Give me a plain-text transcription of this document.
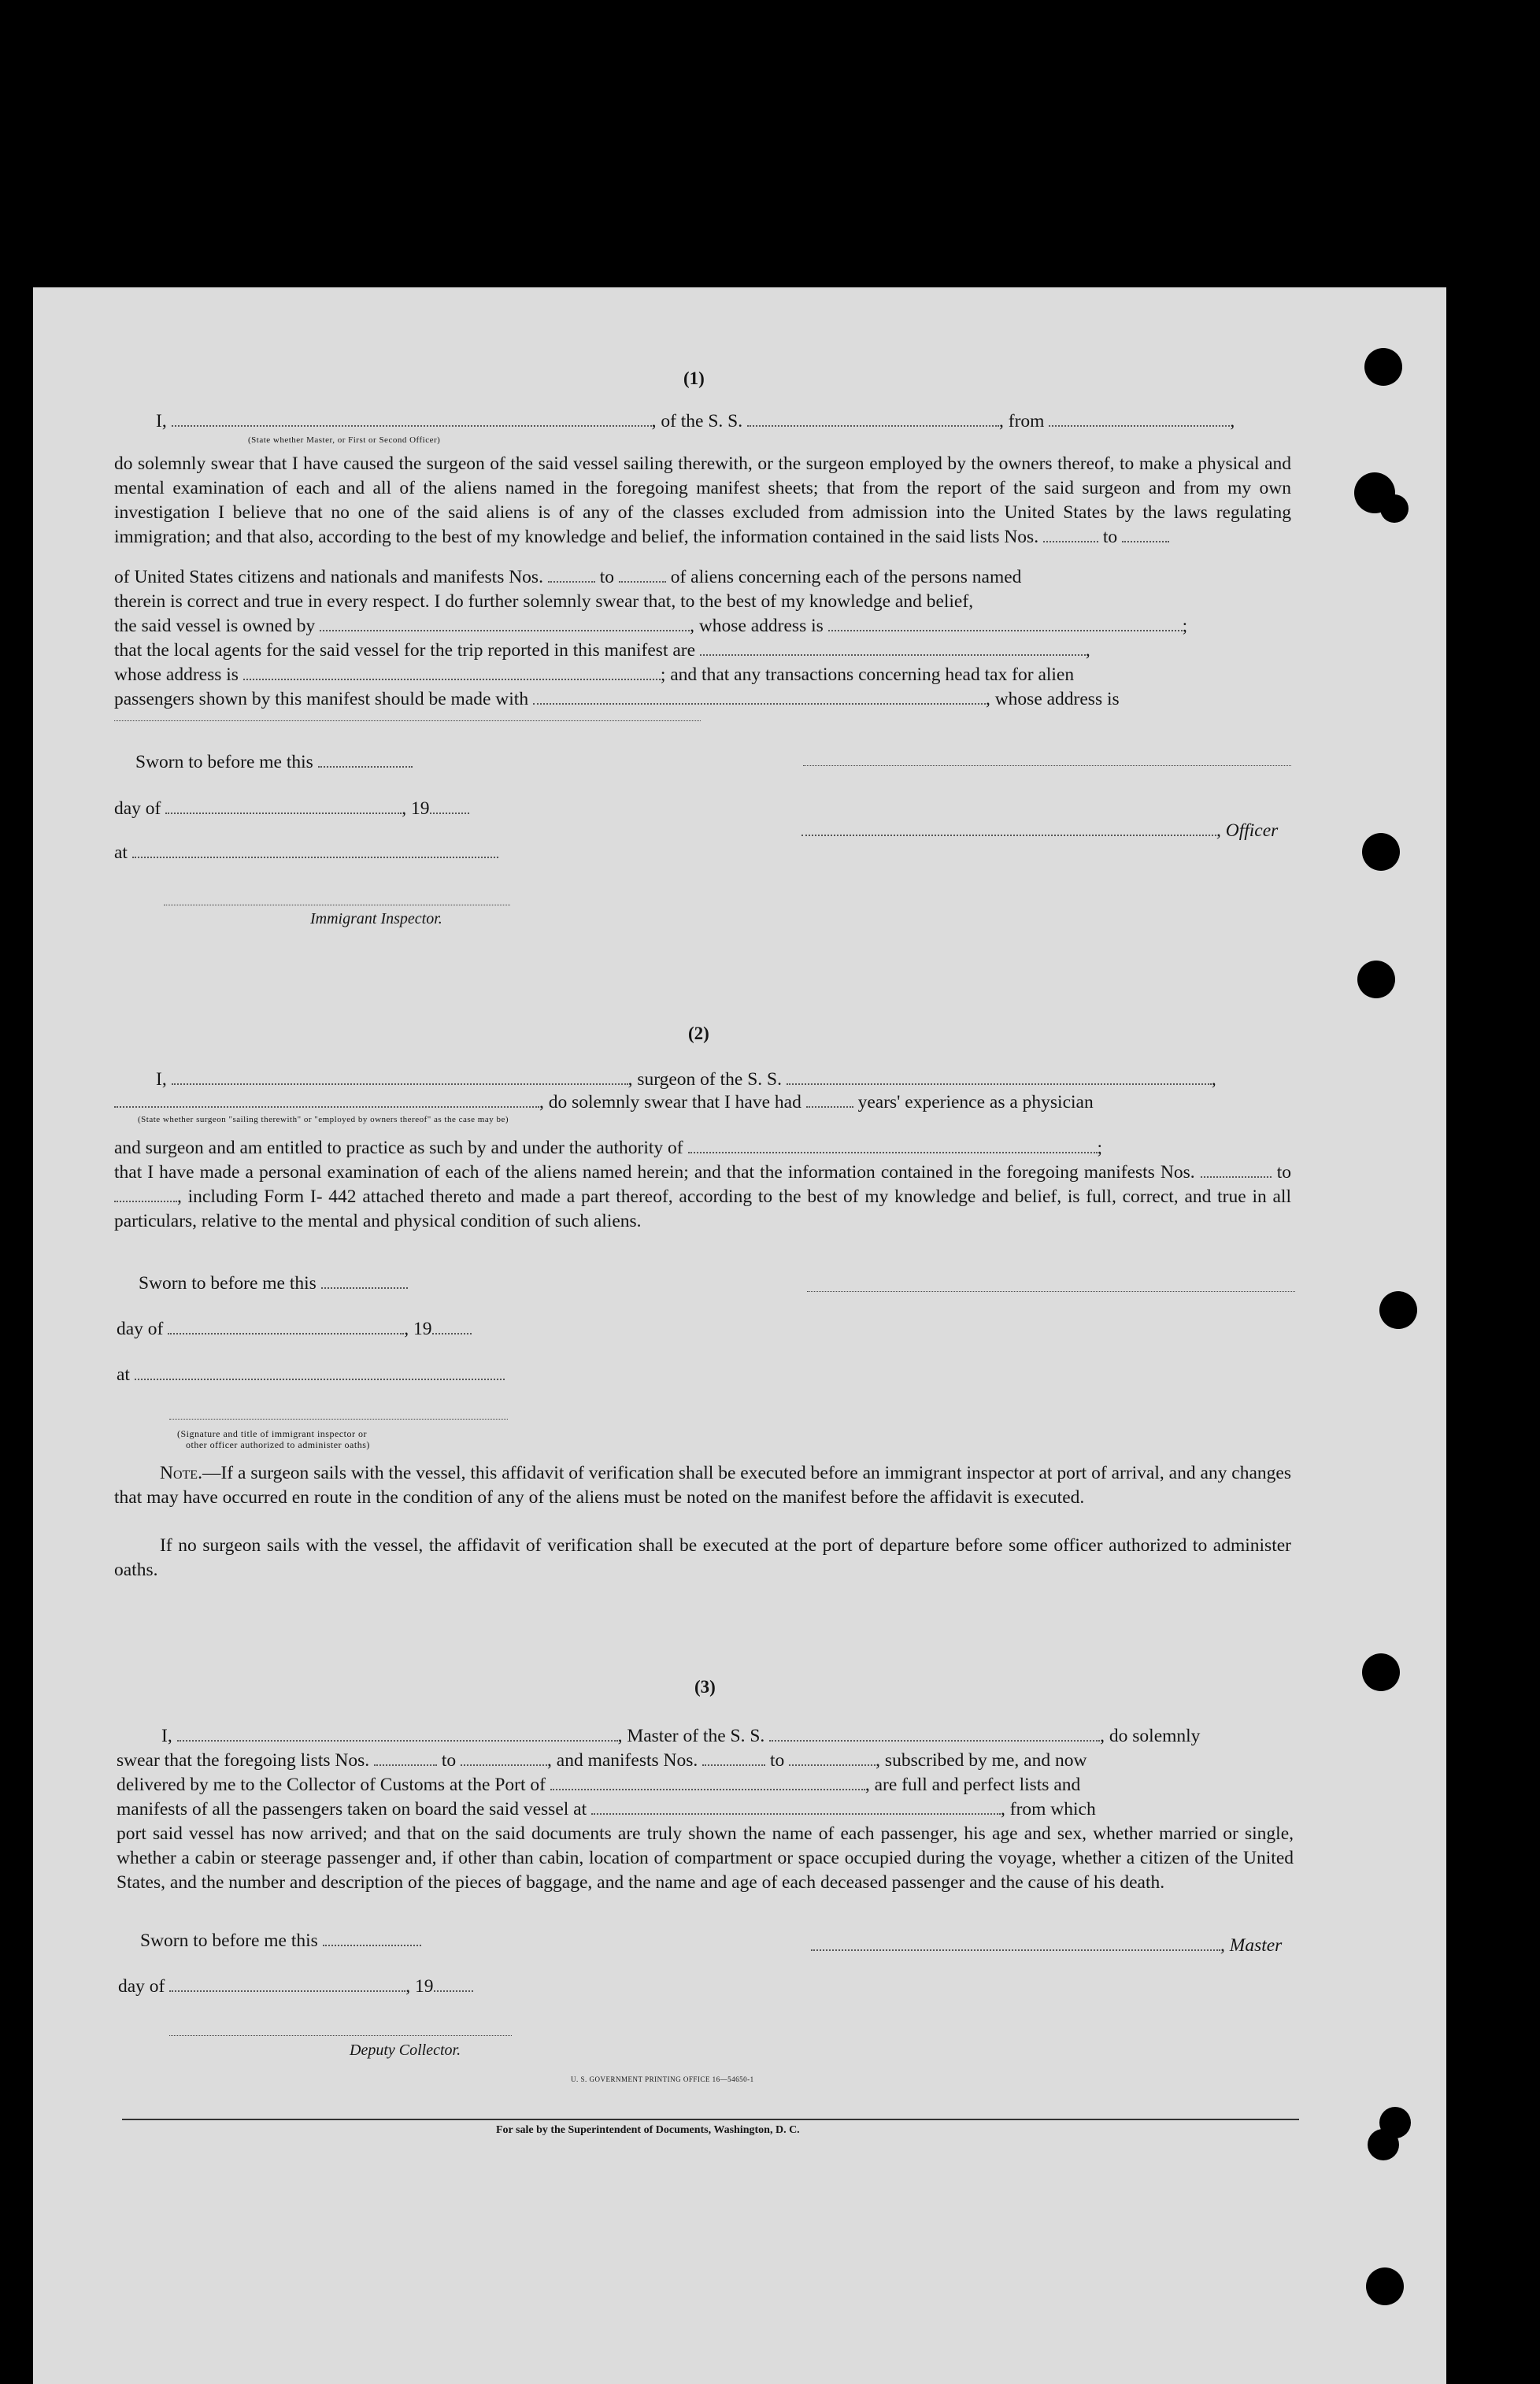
(1)

I,	, of the S. S.	, from	,

(State whether Master, or First or Second Officer)

do solemnly swear that I have caused the surgeon of the said vessel sailing therewith, or the surgeon employed by the owners thereof, to make a physical and mental examination of each and all of the aliens named in the foregoing manifest sheets; that from the report of the said surgeon and from my own investigation I believe that no one of the said aliens is of any of the classes excluded from admission into the United States by the laws regulating immigration; and that also, according to the best of my knowledge and belief, the information contained in the said lists Nos.	to

of United States citizens and nationals and manifests Nos.	to	of aliens concerning each of the persons named

therein is correct and true in every respect. I do further solemnly swear that, to the best of my knowledge and belief,

the said vessel is owned by	, whose address is	;

that the local agents for the said vessel for the trip reported in this manifest are	,

whose address is	; and that any transactions concerning head tax for alien

passengers shown by this manifest should be made with	, whose address is

Sworn to before me this

day of	, 19

, Officer

at

Immigrant Inspector.

(2)

I,	, surgeon of the S. S.	,

, do solemnly swear that I have had	years' experience as a physician

(State whether surgeon "sailing therewith" or "employed by owners thereof" as the case may be)

and surgeon and am entitled to practice as such by and under the authority of	;

that I have made a personal examination of each of the aliens named herein; and that the information contained in the foregoing manifests Nos.	to , including Form I- 442 attached thereto and made a part thereof, according to the best of my knowledge and belief, is full, correct, and true in all particulars, relative to the mental and physical condition of such aliens.

Sworn to before me this

day of	, 19

at

(Signature and title of immigrant inspector or

other officer authorized to administer oaths)

Note.—If a surgeon sails with the vessel, this affidavit of verification shall be executed before an immigrant inspector at port of arrival, and any changes that may have occurred en route in the condition of any of the aliens must be noted on the manifest before the affidavit is executed.

If no surgeon sails with the vessel, the affidavit of verification shall be executed at the port of departure before some officer authorized to administer oaths.

(3)

I,	, Master of the S. S.	, do solemnly

swear that the foregoing lists Nos.	to	, and manifests Nos.	to	, subscribed by me, and now

delivered by me to the Collector of Customs at the Port of	, are full and perfect lists and

manifests of all the passengers taken on board the said vessel at	, from which

port said vessel has now arrived; and that on the said documents are truly shown the name of each passenger, his age and sex, whether married or single, whether a cabin or steerage passenger and, if other than cabin, location of compartment or space occupied during the voyage, whether a citizen of the United States, and the number and description of the pieces of baggage, and the name and age of each deceased passenger and the cause of his death.

Sworn to before me this	, Master

day of	, 19

Deputy Collector.

U. S. GOVERNMENT PRINTING OFFICE 16—54650-1

For sale by the Superintendent of Documents, Washington, D. C.
